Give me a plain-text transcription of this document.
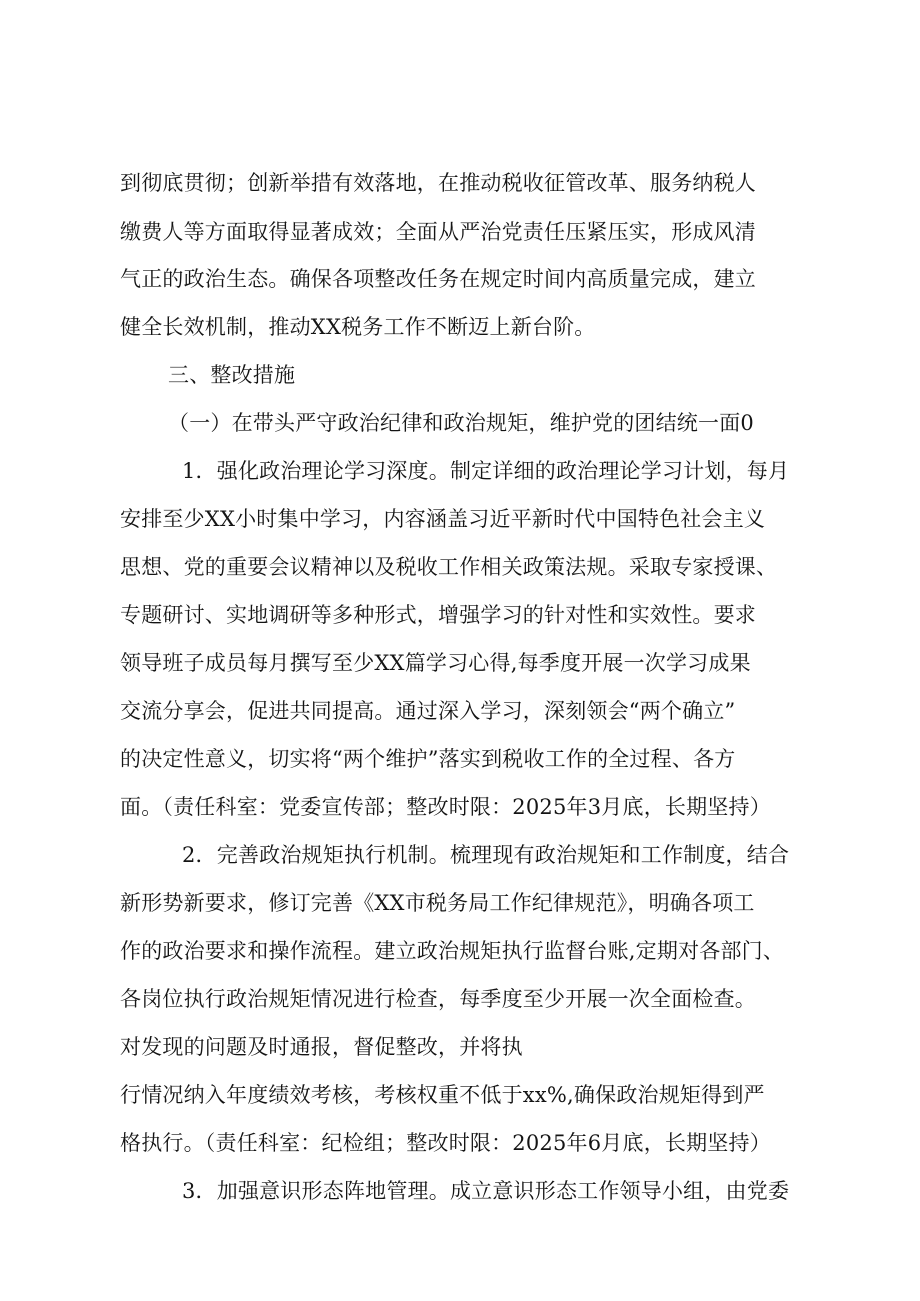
到彻底贯彻；创新举措有效落地，在推动税收征管改革、服务纳税人
缴费人等方面取得显著成效；全面从严治党责任压紧压实，形成风清
气正的政治生态。确保各项整改任务在规定时间内高质量完成，建立
健全长效机制，推动XX税务工作不断迈上新台阶。
三、整改措施
（一）在带头严守政治纪律和政治规矩，维护党的团结统一面0
1．强化政治理论学习深度。制定详细的政治理论学习计划，每月
安排至少XX小时集中学习，内容涵盖习近平新时代中国特色社会主义
思想、党的重要会议精神以及税收工作相关政策法规。采取专家授课、
专题研讨、实地调研等多种形式，增强学习的针对性和实效性。要求
领导班子成员每月撰写至少XX篇学习心得,每季度开展一次学习成果
交流分享会，促进共同提高。通过深入学习，深刻领会“两个确立”
的决定性意义，切实将“两个维护”落实到税收工作的全过程、各方
面。（责任科室：党委宣传部；整改时限：2025年3月底，长期坚持）
2．完善政治规矩执行机制。梳理现有政治规矩和工作制度，结合
新形势新要求，修订完善《XX市税务局工作纪律规范》，明确各项工
作的政治要求和操作流程。建立政治规矩执行监督台账,定期对各部门、
各岗位执行政治规矩情况进行检查，每季度至少开展一次全面检查。
对发现的问题及时通报，督促整改，并将执
行情况纳入年度绩效考核，考核权重不低于xx%,确保政治规矩得到严
格执行。（责任科室：纪检组；整改时限：2025年6月底，长期坚持）
3．加强意识形态阵地管理。成立意识形态工作领导小组，由党委
